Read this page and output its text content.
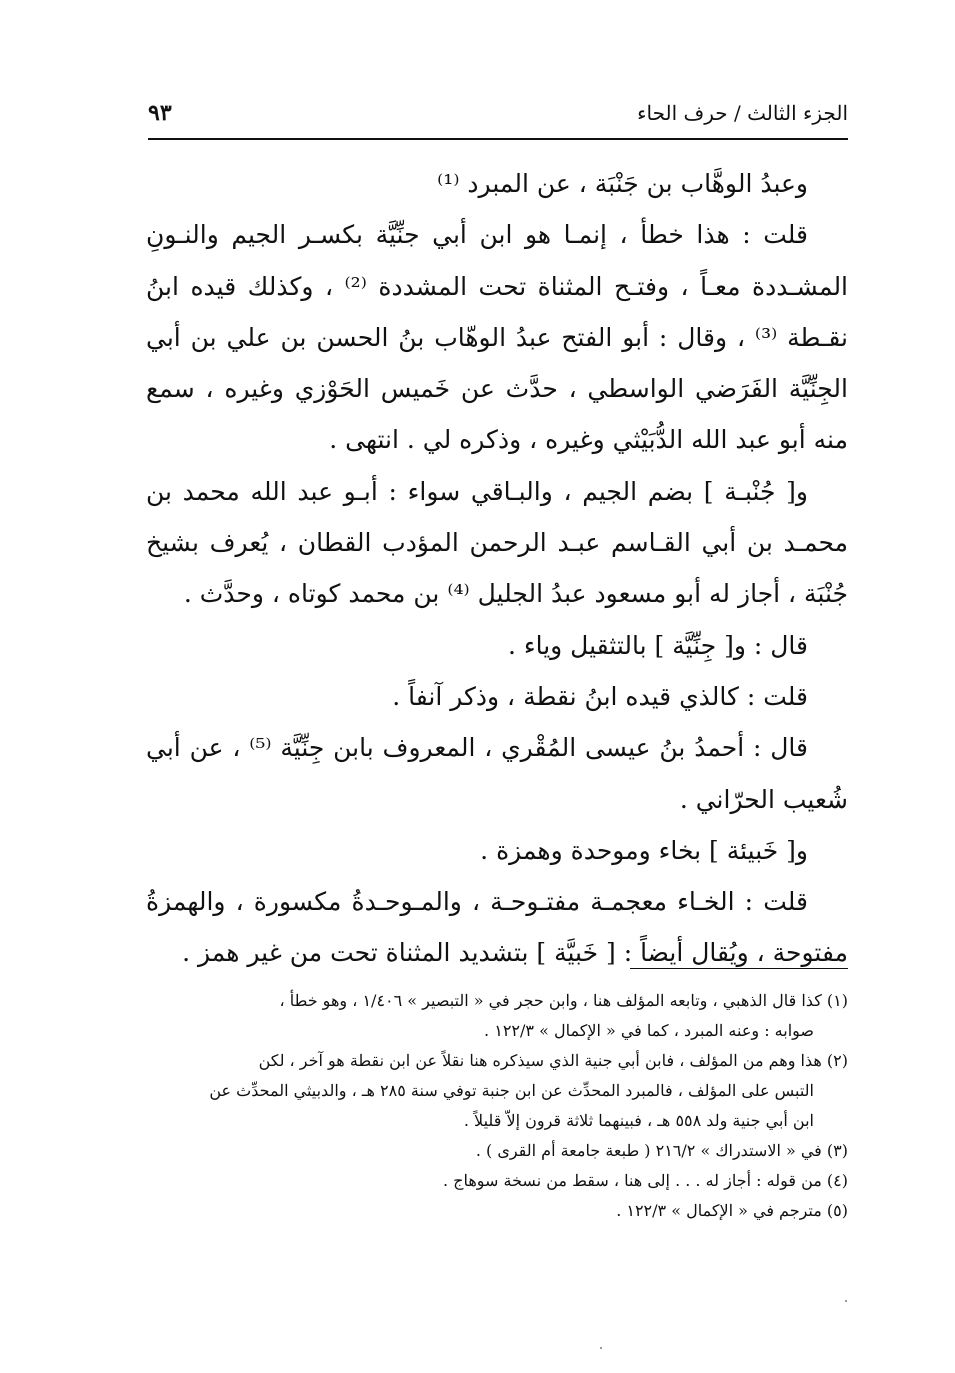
الجزء الثالث / حرف الحاء
٩٣

وعبدُ الوهَّاب بن جَنْبَة ، عن المبرد ⁽¹⁾

قلت : هذا خطأ ، إنمـا هو ابن أبي جنِّيَّة بكسـر الجيم والنـونِ المشـددة معـاً ، وفتـح المثناة تحت المشددة ⁽²⁾ ، وكذلك قيده ابنُ نقـطة ⁽³⁾ ، وقال : أبو الفتح عبدُ الوهّاب بنُ الحسن بن علي بن أبي الجِنِّيَّة الفَرَضي الواسطي ، حدَّث عن خَميس الحَوْزي وغيره ، سمع منه أبو عبد الله الدُّبَيْثي وغيره ، وذكره لي . انتهى .

و[ جُنْبـة ] بضم الجيم ، والبـاقي سواء : أبـو عبد الله محمد بن محمـد بن أبي القـاسم عبـد الرحمن المؤدب القطان ، يُعرف بشيخ جُنْبَة ، أجاز له أبو مسعود عبدُ الجليل ⁽⁴⁾ بن محمد كوتاه ، وحدَّث .

قال : و[ جِنِّيَّة ] بالتثقيل وياء .

قلت : كالذي قيده ابنُ نقطة ، وذكر آنفاً .

قال : أحمدُ بنُ عيسى المُقْري ، المعروف بابن جِنِّيَّة ⁽⁵⁾ ، عن أبي شُعيب الحرّاني .

و[ خَبيئة ] بخاء وموحدة وهمزة .

قلت : الخـاء معجمـة مفتـوحـة ، والمـوحـدةُ مكسورة ، والهمزةُ مفتوحة ، ويُقال أيضاً : [ خَبيَّة ] بتشديد المثناة تحت من غير همز .

(١) كذا قال الذهبي ، وتابعه المؤلف هنا ، وابن حجر في « التبصير » ١/٤٠٦ ، وهو خطأ ،

صوابه : وعنه المبرد ، كما في « الإكمال » ١٢٢/٣ .

(٢) هذا وهم من المؤلف ، فابن أبي جنية الذي سيذكره هنا نقلاً عن ابن نقطة هو آخر ، لكن

التبس على المؤلف ، فالمبرد المحدِّث عن ابن جنبة توفي سنة ٢٨٥ هـ ، والدبيثي المحدِّث عن

ابن أبي جنية ولد ٥٥٨ هـ ، فبينهما ثلاثة قرون إلاّ قليلاً .

(٣) في « الاستدراك » ٢١٦/٢ ( طبعة جامعة أم القرى ) .

(٤) من قوله : أجاز له . . . إلى هنا ، سقط من نسخة سوهاج .

(٥) مترجم في « الإكمال » ١٢٢/٣ .
